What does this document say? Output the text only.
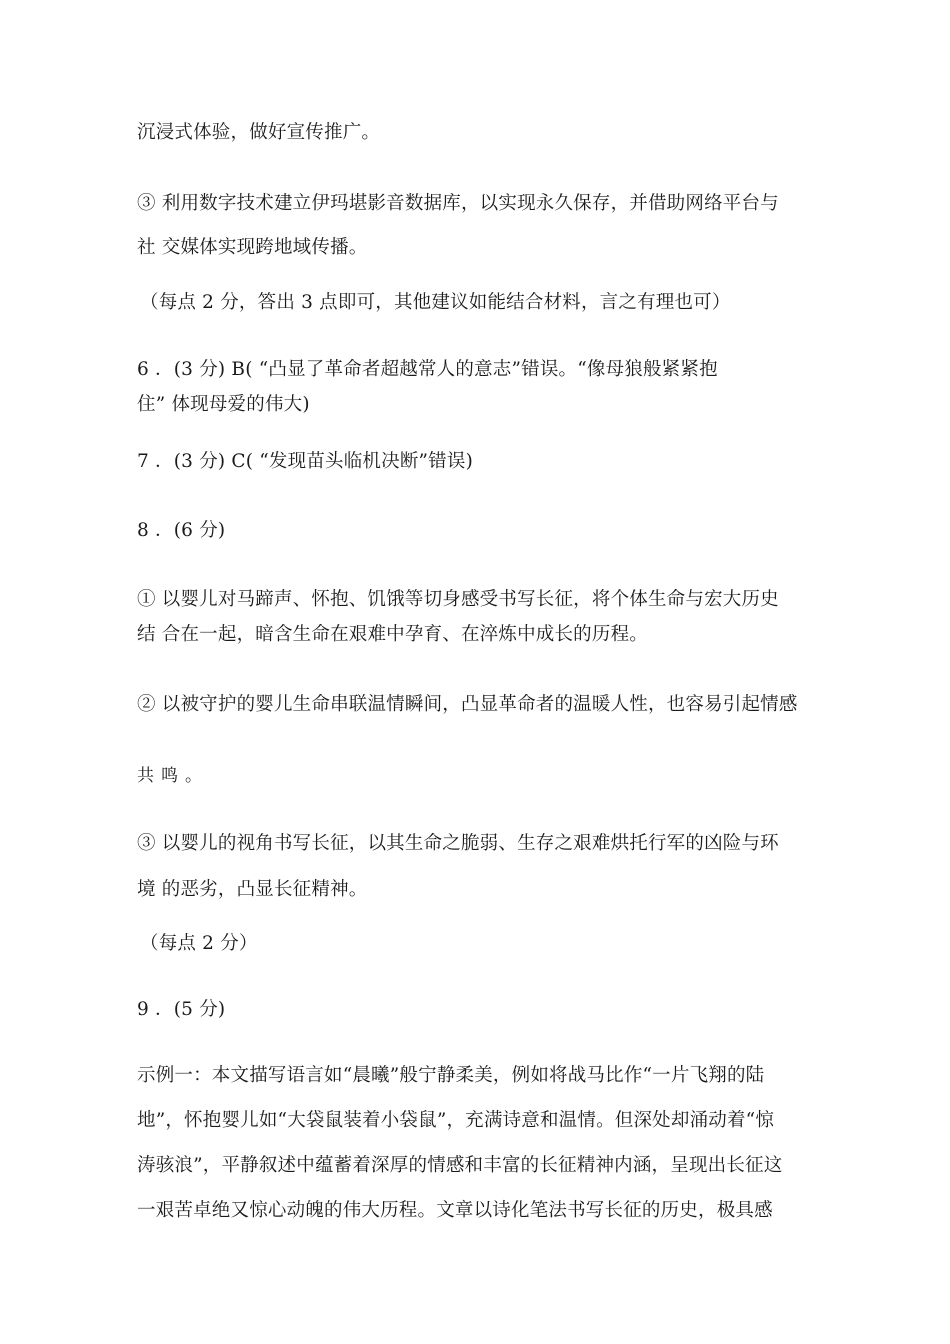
沉浸式体验，做好宣传推广。
③ 利用数字技术建立伊玛堪影音数据库，以实现永久保存，并借助网络平台与
社 交媒体实现跨地域传播。
（每点 2 分，答出 3 点即可，其他建议如能结合材料，言之有理也可）
6 ．(3 分) B( “凸显了革命者超越常人的意志”错误。“像母狼般紧紧抱
住” 体现母爱的伟大)
7 ．(3 分) C( “发现苗头临机决断”错误)
8 ．(6 分)
① 以婴儿对马蹄声、怀抱、饥饿等切身感受书写长征，将个体生命与宏大历史
结 合在一起，暗含生命在艰难中孕育、在淬炼中成长的历程。
② 以被守护的婴儿生命串联温情瞬间，凸显革命者的温暖人性，也容易引起情感
共鸣。
③ 以婴儿的视角书写长征，以其生命之脆弱、生存之艰难烘托行军的凶险与环
境 的恶劣，凸显长征精神。
（每点 2 分）
9 ．(5 分)
示例一：本文描写语言如“晨曦”般宁静柔美，例如将战马比作“一片飞翔的陆
地”，怀抱婴儿如“大袋鼠装着小袋鼠”，充满诗意和温情。但深处却涌动着“惊
涛骇浪”，平静叙述中蕴蓄着深厚的情感和丰富的长征精神内涵，呈现出长征这
一艰苦卓绝又惊心动魄的伟大历程。文章以诗化笔法书写长征的历史，极具感
